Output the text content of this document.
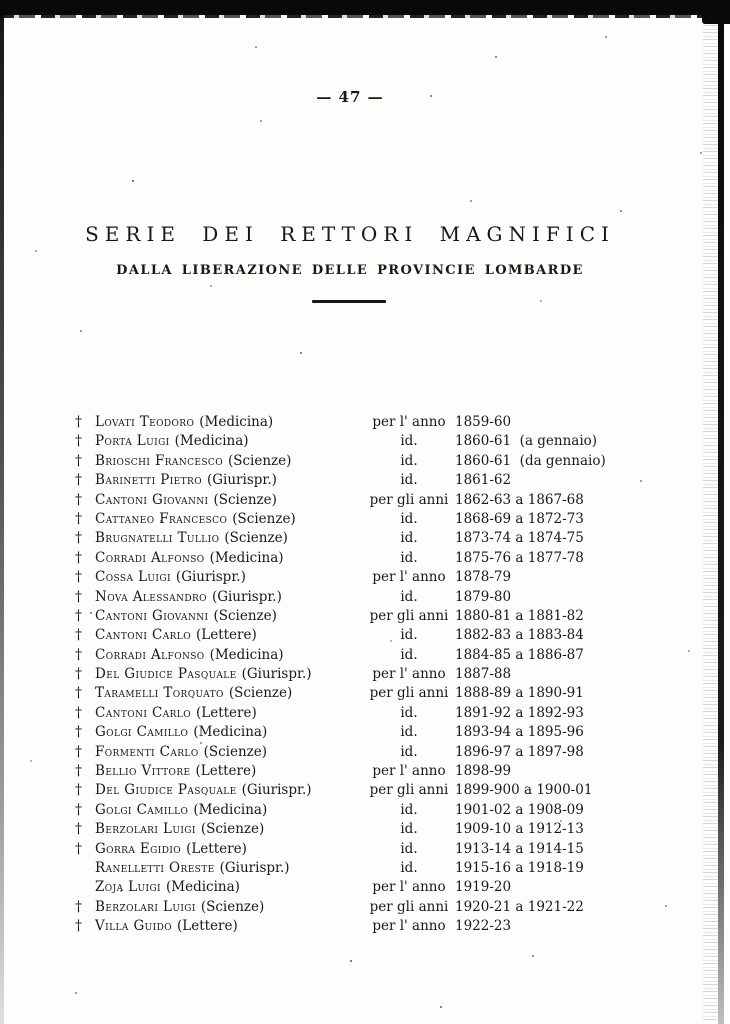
— 47 —
SERIE DEI RETTORI MAGNIFICI
DALLA LIBERAZIONE DELLE PROVINCIE LOMBARDE
† Lovati Teodoro (Medicina)	per l' anno 1859-60
† Porta Luigi (Medicina)	id.	1860-61  (a gennaio)
† Brioschi Francesco (Scienze)	id.	1860-61  (da gennaio)
† Barinetti Pietro (Giurispr.)	id.	1861-62
† Cantoni Giovanni (Scienze)	per gli anni 1862-63 a 1867-68
† Cattaneo Francesco (Scienze)	id.	1868-69 a 1872-73
† Brugnatelli Tullio (Scienze)	id.	1873-74 a 1874-75
† Corradi Alfonso (Medicina)	id.	1875-76 a 1877-78
† Cossa Luigi (Giurispr.)	per l' anno 1878-79
† Nova Alessandro (Giurispr.)	id.	1879-80
† Cantoni Giovanni (Scienze)	per gli anni 1880-81 a 1881-82
† Cantoni Carlo (Lettere)	id.	1882-83 a 1883-84
† Corradi Alfonso (Medicina)	id.	1884-85 a 1886-87
† Del Giudice Pasquale (Giurispr.)	per l' anno 1887-88
† Taramelli Torquato (Scienze)	per gli anni 1888-89 a 1890-91
† Cantoni Carlo (Lettere)	id.	1891-92 a 1892-93
† Golgi Camillo (Medicina)	id.	1893-94 a 1895-96
† Formenti Carlo (Scienze)	id.	1896-97 a 1897-98
† Bellio Vittore (Lettere)	per l' anno 1898-99
† Del Giudice Pasquale (Giurispr.)	per gli anni 1899-900 a 1900-01
† Golgi Camillo (Medicina)	id.	1901-02 a 1908-09
† Berzolari Luigi (Scienze)	id.	1909-10 a 1912-13
† Gorra Egidio (Lettere)	id.	1913-14 a 1914-15
Ranelletti Oreste (Giurispr.)	id.	1915-16 a 1918-19
Zoja Luigi (Medicina)	per l' anno 1919-20
† Berzolari Luigi (Scienze)	per gli anni 1920-21 a 1921-22
† Villa Guido (Lettere)	per l' anno 1922-23
